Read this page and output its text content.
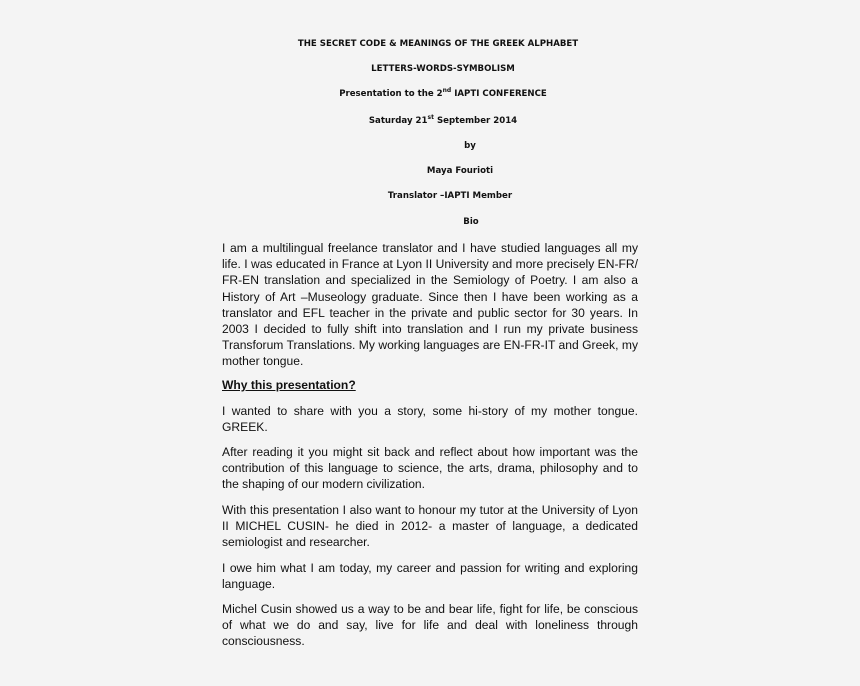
THE SECRET CODE & MEANINGS OF THE GREEK ALPHABET
LETTERS-WORDS-SYMBOLISM
Presentation to the 2nd IAPTI CONFERENCE
Saturday 21st September 2014
by
Maya Fourioti
Translator –IAPTI Member
Bio

I am a multilingual freelance translator and I have studied languages all my life. I was educated in France at Lyon II University and more precisely EN-FR/ FR-EN translation and specialized in the Semiology of Poetry. I am also a History of Art –Museology graduate. Since then I have been working as a translator and EFL teacher in the private and public sector for 30 years. In 2003 I decided to fully shift into translation and I run my private business Transforum Translations. My working languages are EN-FR-IT and Greek, my mother tongue.

Why this presentation?

I wanted to share with you a story, some hi-story of my mother tongue. GREEK.

After reading it you might sit back and reflect about how important was the contribution of this language to science, the arts, drama, philosophy and to the shaping of our modern civilization.

With this presentation I also want to honour my tutor at the University of Lyon II MICHEL CUSIN- he died in 2012- a master of language, a dedicated semiologist and researcher.

I owe him what I am today, my career and passion for writing and exploring language.

Michel Cusin showed us a way to be and bear life, fight for life, be conscious of what we do and say, live for life and deal with loneliness through consciousness.
